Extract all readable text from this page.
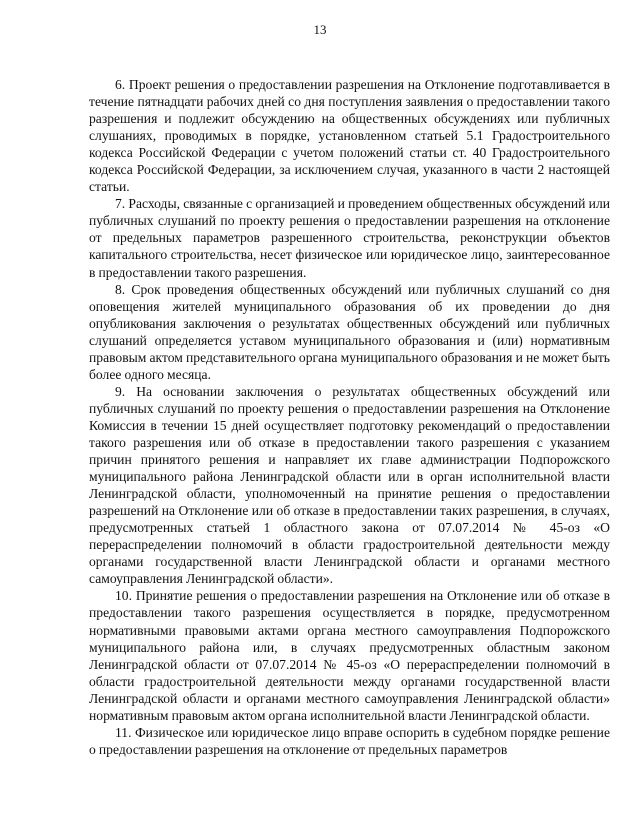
13

6. Проект решения о предоставлении разрешения на Отклонение подготавливается в течение пятнадцати рабочих дней со дня поступления заявления о предоставлении такого разрешения и подлежит обсуждению на общественных обсуждениях или публичных слушаниях, проводимых в порядке, установленном статьей 5.1 Градостроительного кодекса Российской Федерации с учетом положений статьи ст. 40 Градостроительного кодекса Российской Федерации, за исключением случая, указанного в части 2 настоящей статьи.

7. Расходы, связанные с организацией и проведением общественных обсуждений или публичных слушаний по проекту решения о предоставлении разрешения на отклонение от предельных параметров разрешенного строительства, реконструкции объектов капитального строительства, несет физическое или юридическое лицо, заинтересованное в предоставлении такого разрешения.

8. Срок проведения общественных обсуждений или публичных слушаний со дня оповещения жителей муниципального образования об их проведении до дня опубликования заключения о результатах общественных обсуждений или публичных слушаний определяется уставом муниципального образования и (или) нормативным правовым актом представительного органа муниципального образования и не может быть более одного месяца.

9. На основании заключения о результатах общественных обсуждений или публичных слушаний по проекту решения о предоставлении разрешения на Отклонение Комиссия в течении 15 дней осуществляет подготовку рекомендаций о предоставлении такого разрешения или об отказе в предоставлении такого разрешения с указанием причин принятого решения и направляет их главе администрации Подпорожского муниципального района Ленинградской области или в орган исполнительной власти Ленинградской области, уполномоченный на принятие решения о предоставлении разрешений на Отклонение или об отказе в предоставлении таких разрешения, в случаях, предусмотренных статьей 1 областного закона от 07.07.2014 № 45-оз «О перераспределении полномочий в области градостроительной деятельности между органами государственной власти Ленинградской области и органами местного самоуправления Ленинградской области».

10. Принятие решения о предоставлении разрешения на Отклонение или об отказе в предоставлении такого разрешения осуществляется в порядке, предусмотренном нормативными правовыми актами органа местного самоуправления Подпорожского муниципального района или, в случаях предусмотренных областным законом Ленинградской области от 07.07.2014 № 45-оз «О перераспределении полномочий в области градостроительной деятельности между органами государственной власти Ленинградской области и органами местного самоуправления Ленинградской области» нормативным правовым актом органа исполнительной власти Ленинградской области.

11. Физическое или юридическое лицо вправе оспорить в судебном порядке решение о предоставлении разрешения на отклонение от предельных параметров
